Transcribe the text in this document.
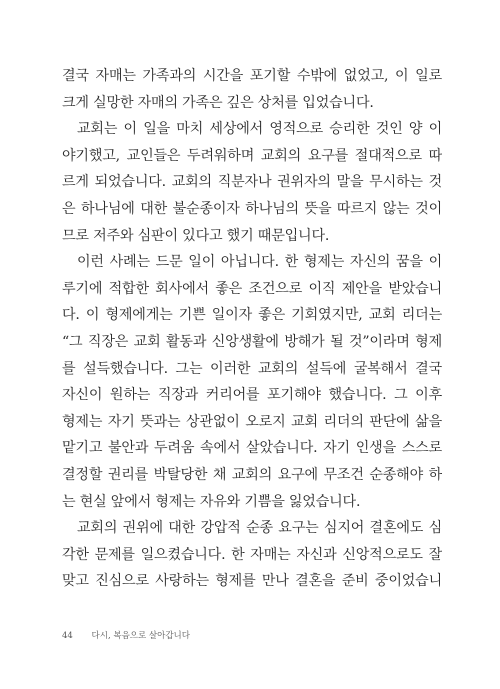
결국 자매는 가족과의 시간을 포기할 수밖에 없었고, 이 일로
크게 실망한 자매의 가족은 깊은 상처를 입었습니다.
교회는 이 일을 마치 세상에서 영적으로 승리한 것인 양 이
야기했고, 교인들은 두려워하며 교회의 요구를 절대적으로 따
르게 되었습니다. 교회의 직분자나 권위자의 말을 무시하는 것
은 하나님에 대한 불순종이자 하나님의 뜻을 따르지 않는 것이
므로 저주와 심판이 있다고 했기 때문입니다.
이런 사례는 드문 일이 아닙니다. 한 형제는 자신의 꿈을 이
루기에 적합한 회사에서 좋은 조건으로 이직 제안을 받았습니
다. 이 형제에게는 기쁜 일이자 좋은 기회였지만, 교회 리더는
“그 직장은 교회 활동과 신앙생활에 방해가 될 것”이라며 형제
를 설득했습니다. 그는 이러한 교회의 설득에 굴복해서 결국
자신이 원하는 직장과 커리어를 포기해야 했습니다. 그 이후
형제는 자기 뜻과는 상관없이 오로지 교회 리더의 판단에 삶을
맡기고 불안과 두려움 속에서 살았습니다. 자기 인생을 스스로
결정할 권리를 박탈당한 채 교회의 요구에 무조건 순종해야 하
는 현실 앞에서 형제는 자유와 기쁨을 잃었습니다.
교회의 권위에 대한 강압적 순종 요구는 심지어 결혼에도 심
각한 문제를 일으켰습니다. 한 자매는 자신과 신앙적으로도 잘
맞고 진심으로 사랑하는 형제를 만나 결혼을 준비 중이었습니
44 다시, 복음으로 살아갑니다
